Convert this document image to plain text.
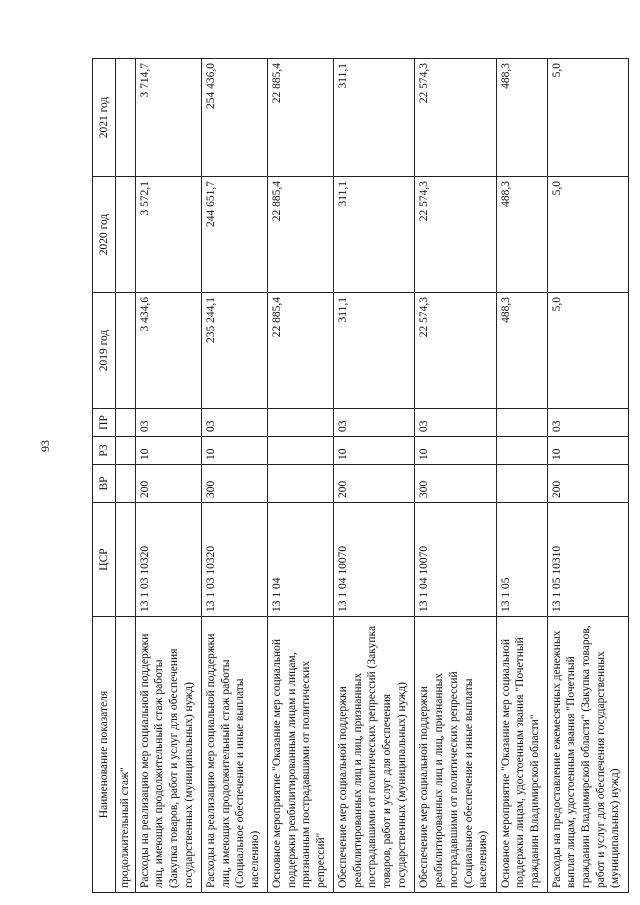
93
Наименование показателя	ЦСР	ВР	РЗ	ПР	2019 год	2020 год	2021 год
продолжительный стаж"							
Расходы на реализацию мер социальной поддержки лиц, имеющих продолжительный стаж работы (Закупка товаров, работ и услуг для обеспечения государственных (муниципальных) нужд)	13 1 03 10320	200	10	03	3 434,6	3 572,1	3 714,7
Расходы на реализацию мер социальной поддержки лиц, имеющих продолжительный стаж работы (Социальное обеспечение и иные выплаты населению)	13 1 03 10320	300	10	03	235 244,1	244 651,7	254 436,0
Основное мероприятие "Оказание мер социальной поддержки реабилитированным лицам и лицам, признанным пострадавшими от политических репрессий"	13 1 04				22 885,4	22 885,4	22 885,4
Обеспечение мер социальной поддержки реабилитированных лиц и лиц, признанных пострадавшими от политических репрессий (Закупка товаров, работ и услуг для обеспечения государственных (муниципальных) нужд)	13 1 04 10070	200	10	03	311,1	311,1	311,1
Обеспечение мер социальной поддержки реабилитированных лиц и лиц, признанных пострадавшими от политических репрессий (Социальное обеспечение и иные выплаты населению)	13 1 04 10070	300	10	03	22 574,3	22 574,3	22 574,3
Основное мероприятие "Оказание мер социальной поддержки лицам, удостоенным звания "Почетный гражданин Владимирской области"	13 1 05				488,3	488,3	488,3
Расходы на предоставление ежемесячных денежных выплат лицам, удостоенным звания "Почетный гражданин Владимирской области" (Закупка товаров, работ и услуг для обеспечения государственных (муниципальных) нужд)	13 1 05 10310	200	10	03	5,0	5,0	5,0
